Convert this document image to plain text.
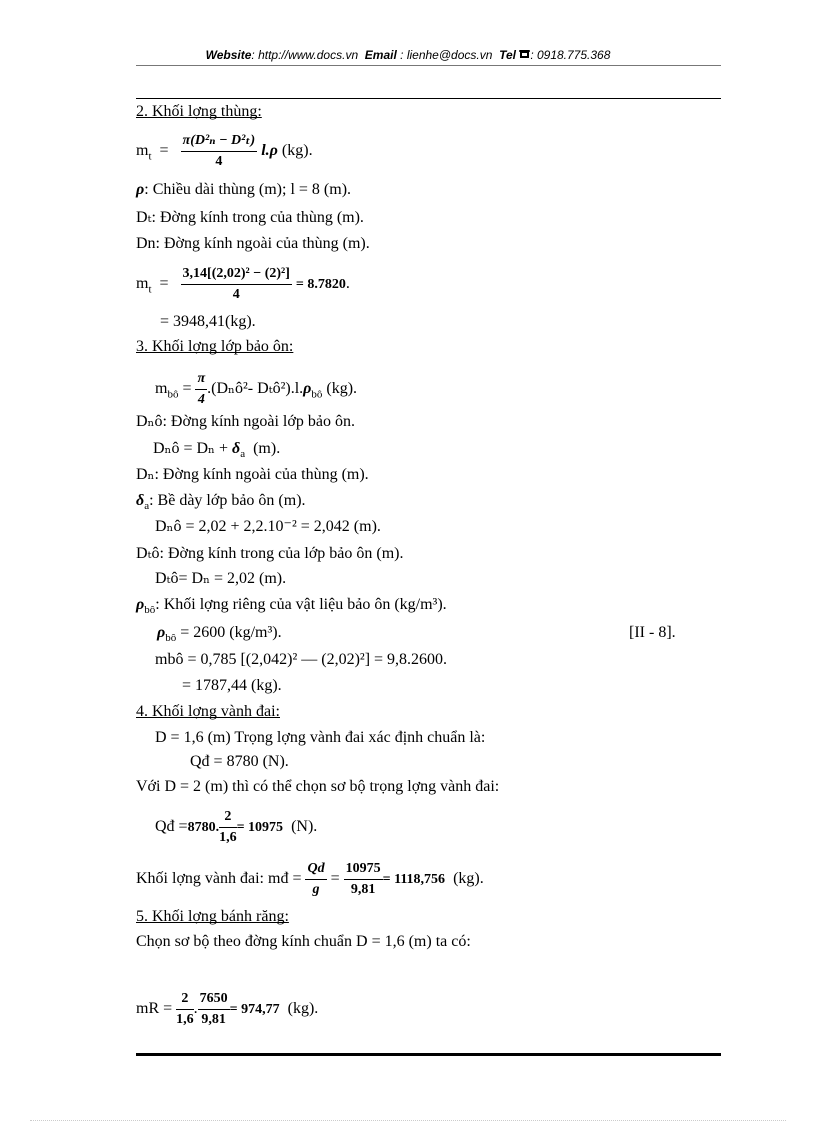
Website: http://www.docs.vn Email : lienhe@docs.vn Tel : 0918.775.368
2. Khối lợng thùng:
$m_t = \frac{\text{π(D²ₙ − D²ₜ)}}{4} l.\rho$ (kg).
ρ: Chiều dài thùng (m); l = 8 (m).
Dₜ: Đờng kính trong của thùng (m).
Dn: Đờng kính ngoài của thùng (m).
$m_t = \frac{\text{3,14[(2,02)² − (2)²]}}{4} = 8.7820$.
= 3948,41(kg).
3. Khối lợng lớp bảo ôn:
$m_{bô} = \frac{\pi}{4}$ .(Dₙô²- $D_tô^2).l.\rho_{bô}$ (kg).
Dₙô: Đờng kính ngoài lớp bảo ôn.
Dₙô = $D_n + \delta_a$ (m).
Dₙ: Đờng kính ngoài của thùng (m).
$\delta_a$: Bề dày lớp bảo ôn (m).
Dₙô = 2,02 + 2,2.10⁻² = 2,042 (m).
Dₜô: Đờng kính trong của lớp bảo ôn (m).
Dₜô= Dₙ = 2,02 (m).
$\rho_{bô}$: Khối lợng riêng của vật liệu bảo ôn (kg/m³).
$\rho_{bô} = 2600$ (kg/m³).	[II - 8].
mbô = 0,785 [(2,042)² — (2,02)²] = 9,8.2600.
= 1787,44 (kg).
4. Khối lợng vành đai:
D = 1,6 (m) Trọng lợng vành đai xác định chuẩn là:
Qđ = 8780 (N).
Với D = 2 (m) thì có thể chọn sơ bộ trọng lợng vành đai:
Qđ =8780. $\frac{2}{1,6} = 10975$ (N).
Khối lợng vành đai: mđ = $\frac{Qd}{g} = \frac{10975}{9,81} = 1118,756$ (kg).
5. Khối lợng bánh răng:
Chọn sơ bộ theo đờng kính chuẩn D = 1,6 (m) ta có:
mR = $\frac{2}{1,6}$ . $\frac{7650}{9,81} = 974,77$ (kg).
